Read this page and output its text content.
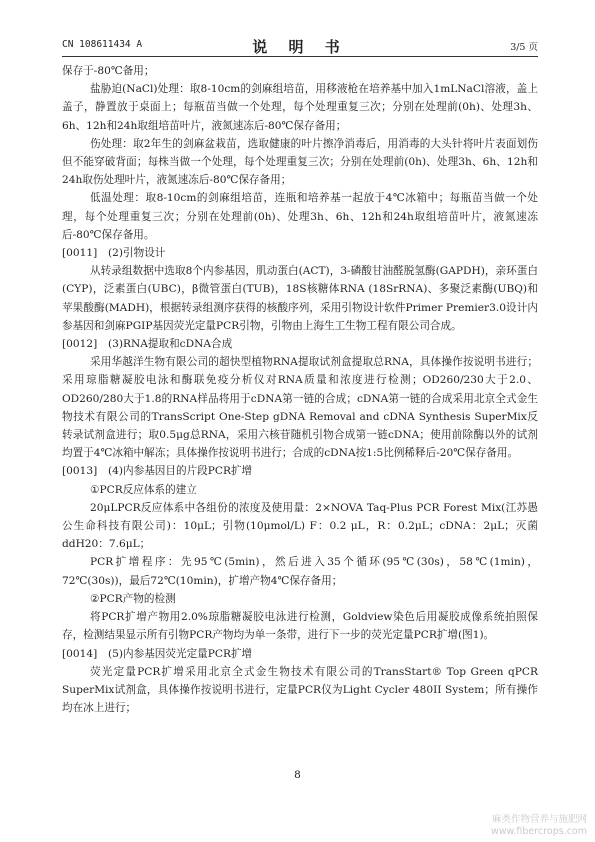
CN 108611434 A	说 明 书	3/5 页

保存于-80℃备用；

盐胁迫(NaCl)处理：取8-10cm的剑麻组培苗，用移液枪在培养基中加入1mLNaCl溶液，盖上盖子，静置放于桌面上；每瓶苗当做一个处理，每个处理重复三次；分别在处理前(0h)、处理3h、6h、12h和24h取组培苗叶片，液氮速冻后-80℃保存备用；

伤处理：取2年生的剑麻盆栽苗，选取健康的叶片擦净消毒后，用消毒的大头针将叶片表面划伤但不能穿破背面；每株当做一个处理，每个处理重复三次；分别在处理前(0h)、处理3h、6h、12h和24h取伤处理叶片，液氮速冻后-80℃保存备用；

低温处理：取8-10cm的剑麻组培苗，连瓶和培养基一起放于4℃冰箱中；每瓶苗当做一个处理，每个处理重复三次；分别在处理前(0h)、处理3h、6h、12h和24h取组培苗叶片，液氮速冻后-80℃保存备用。

[0011]	(2)引物设计

从转录组数据中选取8个内参基因，肌动蛋白(ACT)，3-磷酸甘油醛脱氢酶(GAPDH)，亲环蛋白(CYP)，泛素蛋白(UBC)，β微管蛋白(TUB)，18S核糖体RNA (18SrRNA)、多聚泛素酶(UBQ)和苹果酸酶(MADH)，根据转录组测序获得的核酸序列，采用引物设计软件Primer Premier3.0设计内参基因和剑麻PGIP基因荧光定量PCR引物，引物由上海生工生物工程有限公司合成。

[0012]	(3)RNA提取和cDNA合成

采用华越洋生物有限公司的超快型植物RNA提取试剂盒提取总RNA，具体操作按说明书进行；采用琼脂糖凝胶电泳和酶联免疫分析仪对RNA质量和浓度进行检测；OD260/230大于2.0、OD260/280大于1.8的RNA样品将用于cDNA第一链的合成；cDNA第一链的合成采用北京全式金生物技术有限公司的TransScript One-Step gDNA Removal and cDNA Synthesis SuperMix反转录试剂盒进行；取0.5μg总RNA，采用六核苷随机引物合成第一链cDNA；使用前除酶以外的试剂均置于4℃冰箱中解冻；具体操作按说明书进行；合成的cDNA按1:5比例稀释后-20℃保存备用。

[0013]	(4)内参基因目的片段PCR扩增

①PCR反应体系的建立

20μLPCR反应体系中各组份的浓度及使用量：2×NOVA Taq-Plus PCR Forest Mix(江苏愚公生命科技有限公司)：10μL；引物(10μmol/L) F：0.2 μL，R：0.2μL；cDNA：2μL；灭菌ddH20：7.6μL；

PCR扩增程序：先95℃(5min)，然后进入35个循环(95℃(30s)，58℃(1min)，72℃(30s))，最后72℃(10min)，扩增产物4℃保存备用；

②PCR产物的检测

将PCR扩增产物用2.0%琼脂糖凝胶电泳进行检测，Goldview染色后用凝胶成像系统拍照保存，检测结果显示所有引物PCR产物均为单一条带，进行下一步的荧光定量PCR扩增(图1)。

[0014]	(5)内参基因荧光定量PCR扩增

荧光定量PCR扩增采用北京全式金生物技术有限公司的TransStart® Top Green qPCR SuperMix试剂盒，具体操作按说明书进行，定量PCR仪为Light Cycler 480II System；所有操作均在冰上进行；

8
麻类作物营养与施肥网
www.fibercrops.com
